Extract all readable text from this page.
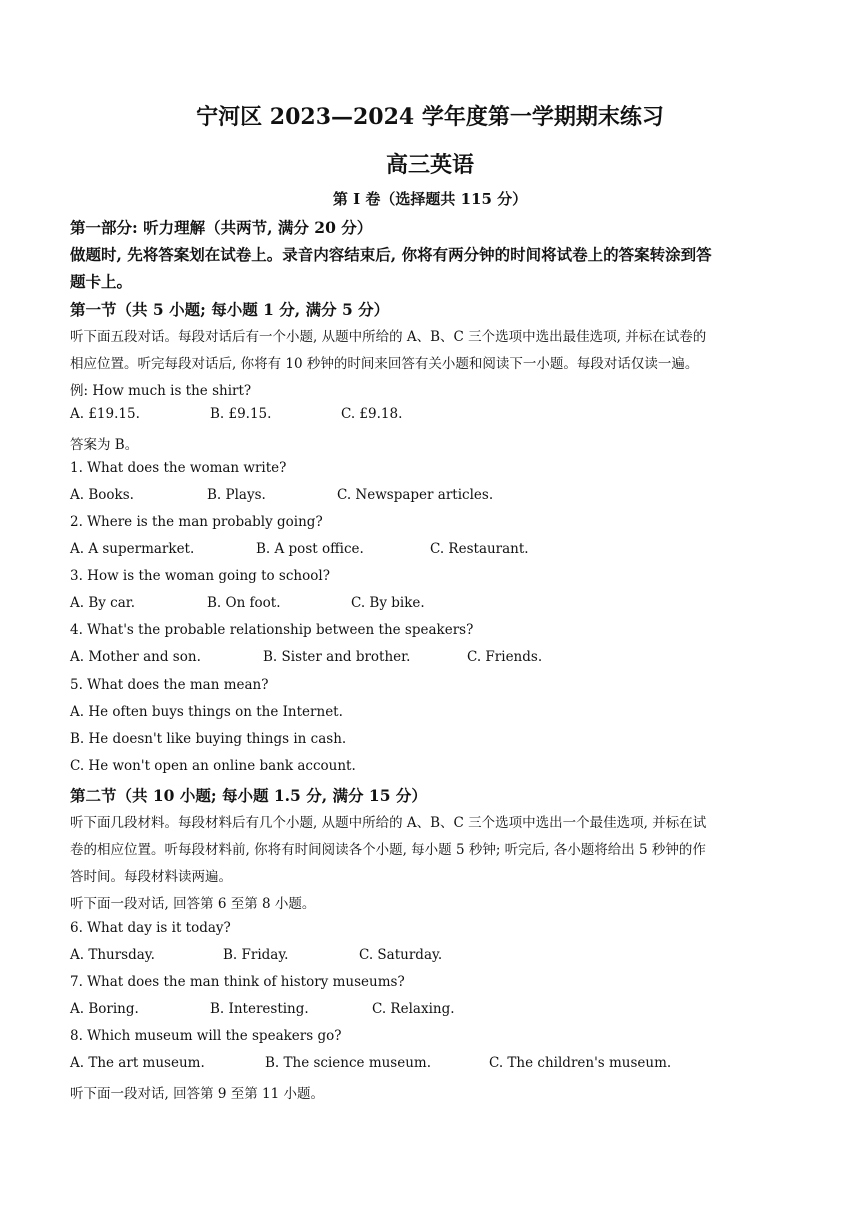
宁河区 2023—2024 学年度第一学期期末练习
高三英语
第 I 卷（选择题共 115 分）
第一部分: 听力理解（共两节, 满分 20 分）
做题时, 先将答案划在试卷上。录音内容结束后, 你将有两分钟的时间将试卷上的答案转涂到答
题卡上。
第一节（共 5 小题; 每小题 1 分, 满分 5 分）
听下面五段对话。每段对话后有一个小题, 从题中所给的 A、B、C 三个选项中选出最佳选项, 并标在试卷的
相应位置。听完每段对话后, 你将有 10 秒钟的时间来回答有关小题和阅读下一小题。每段对话仅读一遍。
例: How much is the shirt?
A. £19.15.	B. £9.15.	C. £9.18.
答案为 B。
1. What does the woman write?
A. Books.	B. Plays.	C. Newspaper articles.
2. Where is the man probably going?
A. A supermarket.	B. A post office.	C. Restaurant.
3. How is the woman going to school?
A. By car.	B. On foot.	C. By bike.
4. What's the probable relationship between the speakers?
A. Mother and son.	B. Sister and brother.	C. Friends.
5. What does the man mean?
A. He often buys things on the Internet.
B. He doesn't like buying things in cash.
C. He won't open an online bank account.
第二节（共 10 小题; 每小题 1.5 分, 满分 15 分）
听下面几段材料。每段材料后有几个小题, 从题中所给的 A、B、C 三个选项中选出一个最佳选项, 并标在试
卷的相应位置。听每段材料前, 你将有时间阅读各个小题, 每小题 5 秒钟; 听完后, 各小题将给出 5 秒钟的作
答时间。每段材料读两遍。
听下面一段对话, 回答第 6 至第 8 小题。
6. What day is it today?
A. Thursday.	B. Friday.	C. Saturday.
7. What does the man think of history museums?
A. Boring.	B. Interesting.	C. Relaxing.
8. Which museum will the speakers go?
A. The art museum.	B. The science museum.	C. The children's museum.
听下面一段对话, 回答第 9 至第 11 小题。
